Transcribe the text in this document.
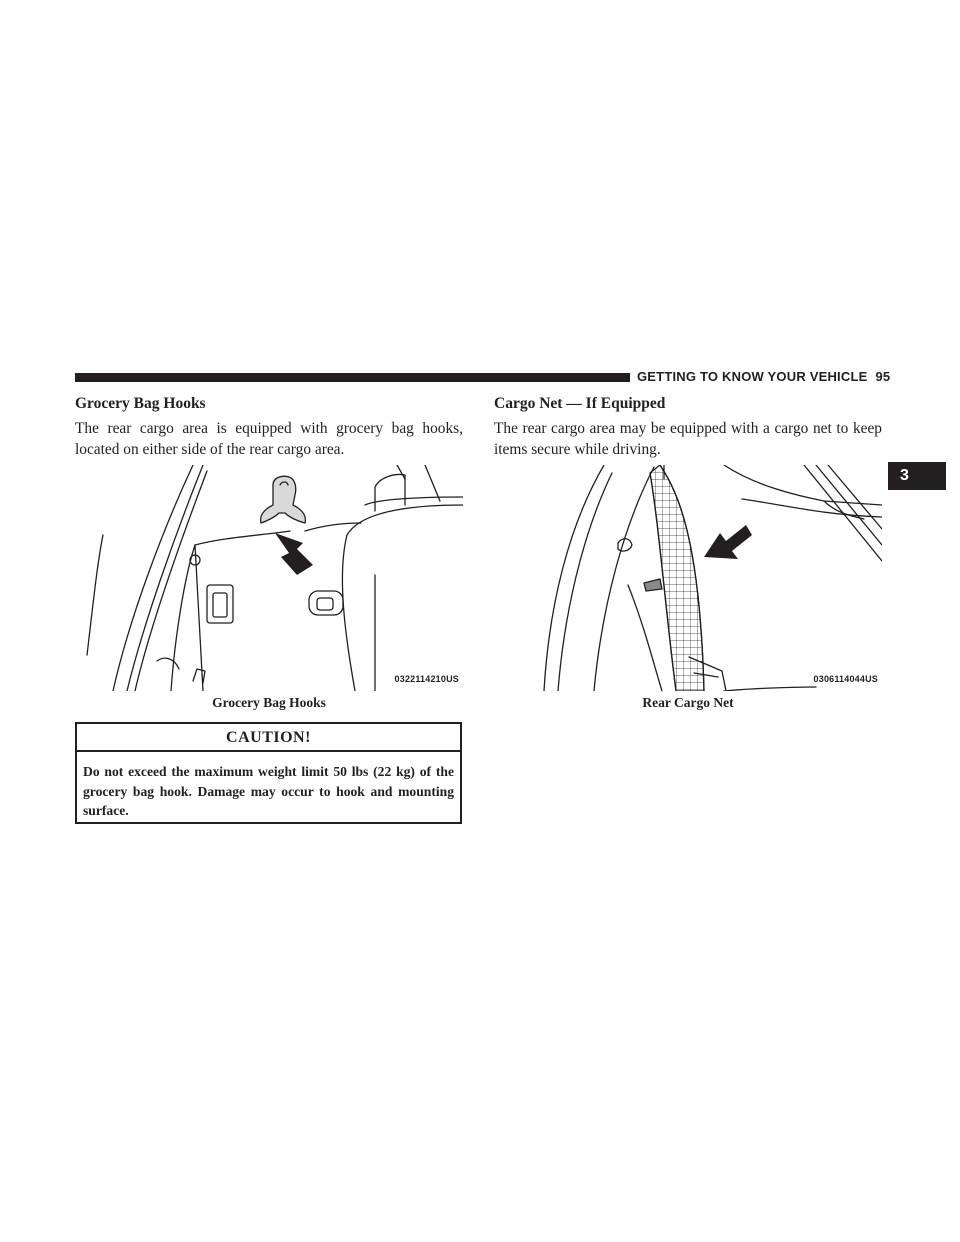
GETTING TO KNOW YOUR VEHICLE 95
3
Grocery Bag Hooks

The rear cargo area is equipped with grocery bag hooks, located on either side of the rear cargo area.

0322114210US
Grocery Bag Hooks
CAUTION!
Do not exceed the maximum weight limit 50 lbs (22 kg) of the grocery bag hook. Damage may occur to hook and mounting surface.
Cargo Net — If Equipped

The rear cargo area may be equipped with a cargo net to keep items secure while driving.

0306114044US
Rear Cargo Net
